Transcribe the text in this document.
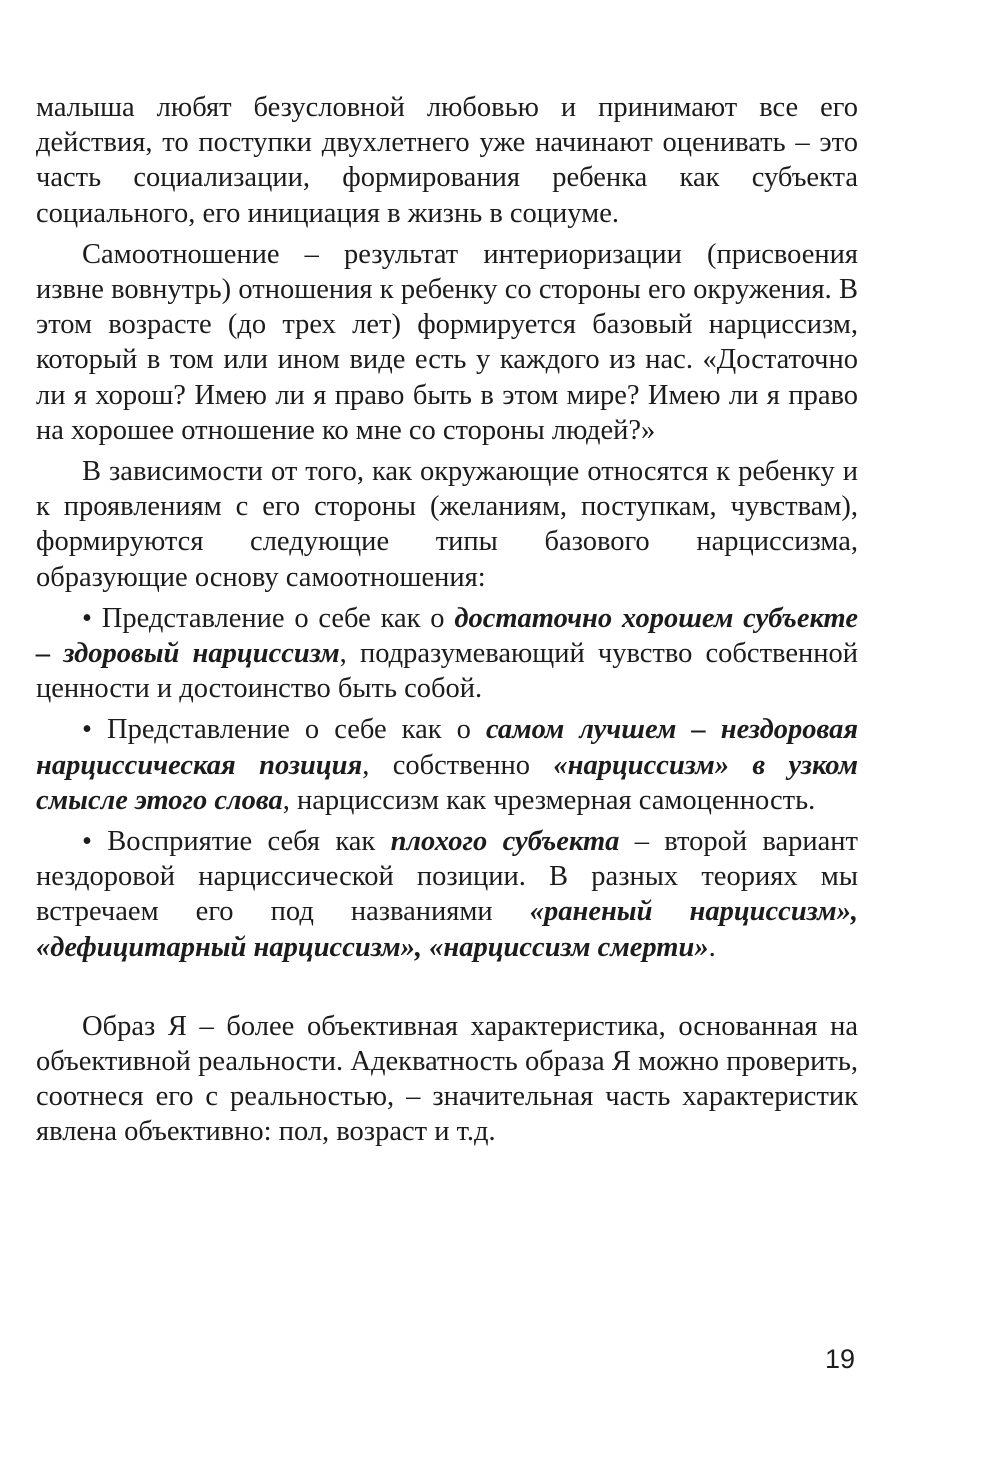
малыша любят безусловной любовью и принимают все его действия, то поступки двухлетнего уже начинают оценивать – это часть социализации, формирования ребенка как субъекта социального, его инициация в жизнь в социуме.

Самоотношение – результат интериоризации (присвоения извне вовнутрь) отношения к ребенку со стороны его окружения. В этом возрасте (до трех лет) формируется базовый нарциссизм, который в том или ином виде есть у каждого из нас. «Достаточно ли я хорош? Имею ли я право быть в этом мире? Имею ли я право на хорошее отношение ко мне со стороны людей?»

В зависимости от того, как окружающие относятся к ребенку и к проявлениям с его стороны (желаниям, поступкам, чувствам), формируются следующие типы базового нарциссизма, образующие основу самоотношения:

• Представление о себе как о достаточно хорошем субъекте – здоровый нарциссизм, подразумевающий чувство собственной ценности и достоинство быть собой.

• Представление о себе как о самом лучшем – нездоровая нарциссическая позиция, собственно «нарциссизм» в узком смысле этого слова, нарциссизм как чрезмерная самоценность.

• Восприятие себя как плохого субъекта – второй вариант нездоровой нарциссической позиции. В разных теориях мы встречаем его под названиями «раненый нарциссизм», «дефицитарный нарциссизм», «нарциссизм смерти».

Образ Я – более объективная характеристика, основанная на объективной реальности. Адекватность образа Я можно проверить, соотнеся его с реальностью, – значительная часть характеристик явлена объективно: пол, возраст и т.д.

19
